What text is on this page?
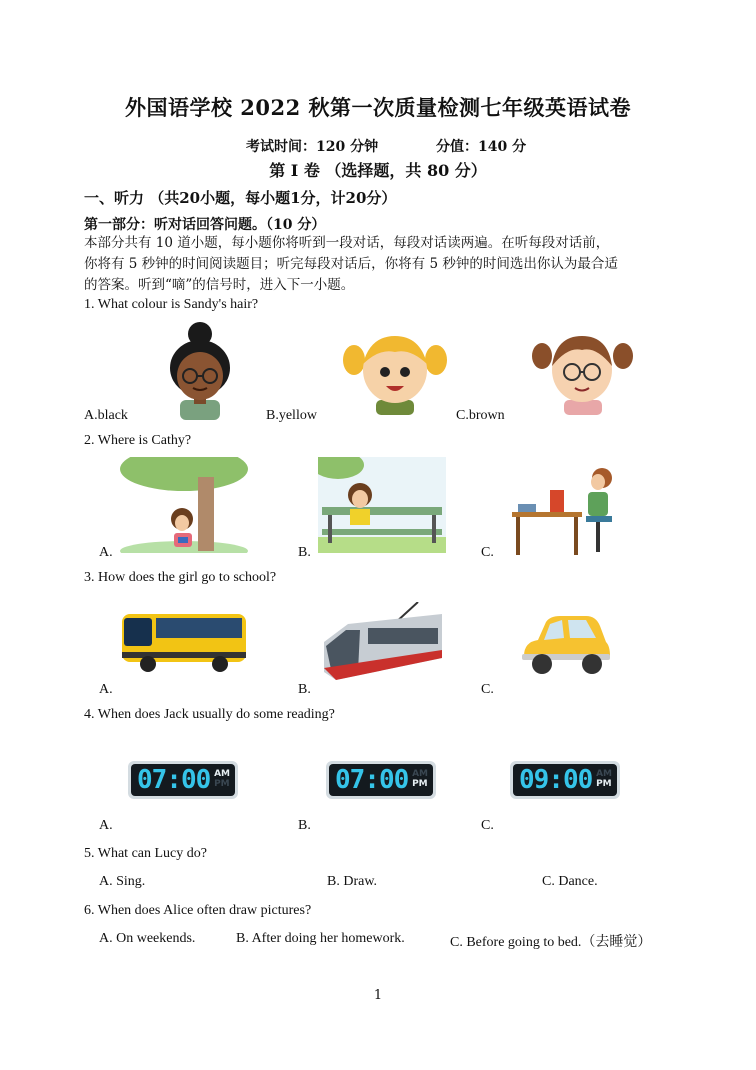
外国语学校 2022 秋第一次质量检测七年级英语试卷
考试时间：120 分钟	分值：140 分
第 I 卷 （选择题，共 80 分）
一、听力 （共20小题，每小题1分，计20分）
第一部分：听对话回答问题。（10 分）
本部分共有 10 道小题，每小题你将听到一段对话，每段对话读两遍。在听每段对话前，
你将有 5 秒钟的时间阅读题目；听完每段对话后，你将有 5 秒钟的时间选出你认为最合适
的答案。听到“嘀”的信号时，进入下一小题。
1. What colour is Sandy's hair?
A.black	B.yellow	C.brown
2. Where is Cathy?
A.	B.	C.
3. How does the girl go to school?
A.	B.	C.
4. When does Jack usually do some reading?
07:00 AM
PM	07:00 AM
PM	09:00 AM
PM
A.	B.	C.
5. What can Lucy do?
A. Sing.	B. Draw.	C. Dance.
6. When does Alice often draw pictures?
A. On weekends.	B. After doing her homework.	C. Before going to bed.（去睡觉）
1
